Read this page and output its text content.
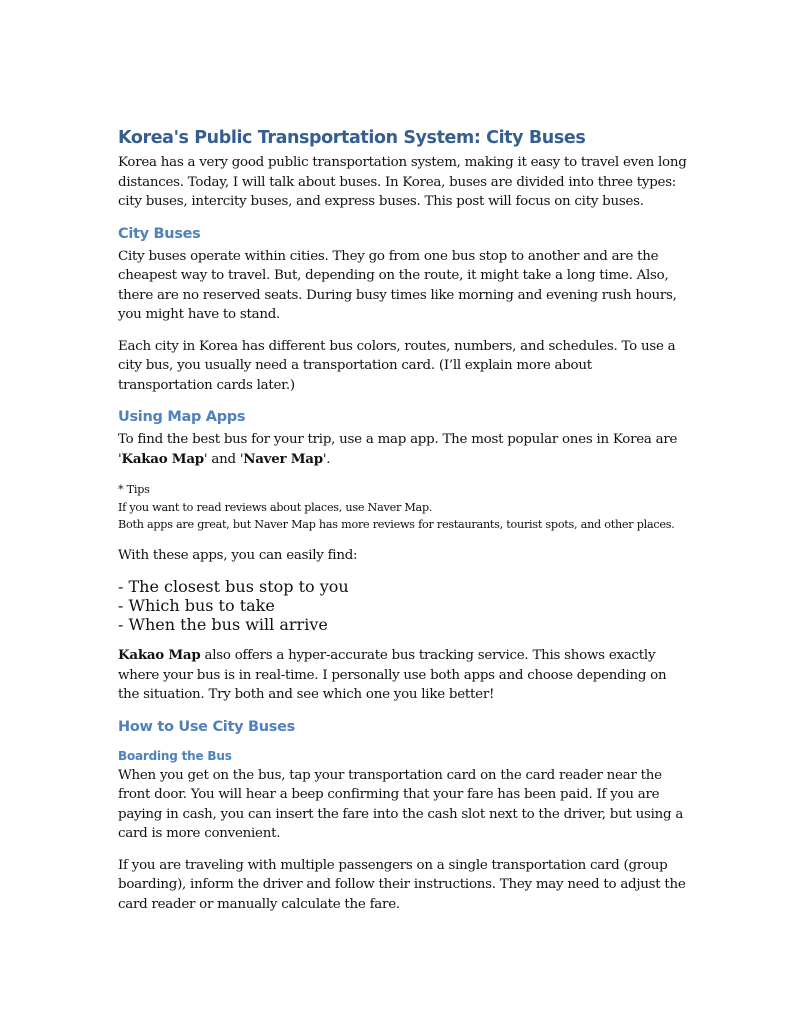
Korea's Public Transportation System: City Buses

Korea has a very good public transportation system, making it easy to travel even long distances. Today, I will talk about buses. In Korea, buses are divided into three types: city buses, intercity buses, and express buses. This post will focus on city buses.

City Buses

City buses operate within cities. They go from one bus stop to another and are the cheapest way to travel. But, depending on the route, it might take a long time. Also, there are no reserved seats. During busy times like morning and evening rush hours, you might have to stand.

Each city in Korea has different bus colors, routes, numbers, and schedules. To use a city bus, you usually need a transportation card. (I’ll explain more about transportation cards later.)

Using Map Apps

To find the best bus for your trip, use a map app. The most popular ones in Korea are 'Kakao Map' and 'Naver Map'.

* Tips
If you want to read reviews about places, use Naver Map.
Both apps are great, but Naver Map has more reviews for restaurants, tourist spots, and other places.

With these apps, you can easily find:

- The closest bus stop to you
- Which bus to take
- When the bus will arrive

Kakao Map also offers a hyper-accurate bus tracking service. This shows exactly where your bus is in real-time. I personally use both apps and choose depending on the situation. Try both and see which one you like better!

How to Use City Buses
Boarding the Bus

When you get on the bus, tap your transportation card on the card reader near the front door. You will hear a beep confirming that your fare has been paid. If you are paying in cash, you can insert the fare into the cash slot next to the driver, but using a card is more convenient.

If you are traveling with multiple passengers on a single transportation card (group boarding), inform the driver and follow their instructions. They may need to adjust the card reader or manually calculate the fare.
